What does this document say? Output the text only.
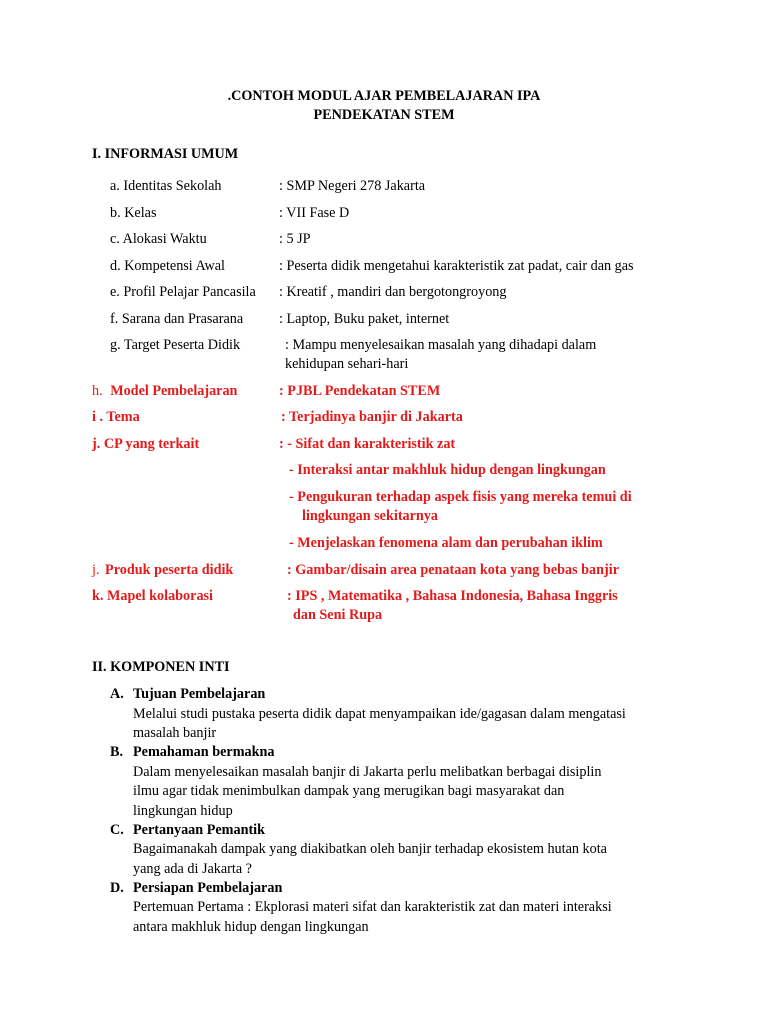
.CONTOH MODUL AJAR PEMBELAJARAN IPA
PENDEKATAN STEM
I. INFORMASI UMUM
a. Identitas Sekolah	: SMP Negeri 278 Jakarta
b. Kelas	: VII Fase D
c. Alokasi Waktu	: 5 JP
d. Kompetensi Awal	: Peserta didik mengetahui karakteristik zat padat, cair dan gas
e. Profil Pelajar Pancasila : Kreatif , mandiri dan bergotongroyong
f. Sarana dan Prasarana	: Laptop, Buku paket, internet
g. Target Peserta Didik	: Mampu menyelesaikan masalah yang dihadapi dalam
kehidupan sehari-hari
h. Model Pembelajaran	: PJBL Pendekatan STEM
i . Tema	: Terjadinya banjir di Jakarta
j. CP yang terkait	: - Sifat dan karakteristik zat
- Interaksi antar makhluk hidup dengan lingkungan
- Pengukuran terhadap aspek fisis yang mereka temui di
lingkungan sekitarnya
- Menjelaskan fenomena alam dan perubahan iklim
j. Produk peserta didik	: Gambar/disain area penataan kota yang bebas banjir
k. Mapel kolaborasi	: IPS , Matematika , Bahasa Indonesia, Bahasa Inggris
dan Seni Rupa
II. KOMPONEN INTI
A. Tujuan Pembelajaran
Melalui studi pustaka peserta didik dapat menyampaikan ide/gagasan dalam mengatasi
masalah banjir
B. Pemahaman bermakna
Dalam menyelesaikan masalah banjir di Jakarta perlu melibatkan berbagai disiplin
ilmu agar tidak menimbulkan dampak yang merugikan bagi masyarakat dan
lingkungan hidup
C. Pertanyaan Pemantik
Bagaimanakah dampak yang diakibatkan oleh banjir terhadap ekosistem hutan kota
yang ada di Jakarta ?
D. Persiapan Pembelajaran
Pertemuan Pertama : Ekplorasi materi sifat dan karakteristik zat dan materi interaksi
antara makhluk hidup dengan lingkungan
